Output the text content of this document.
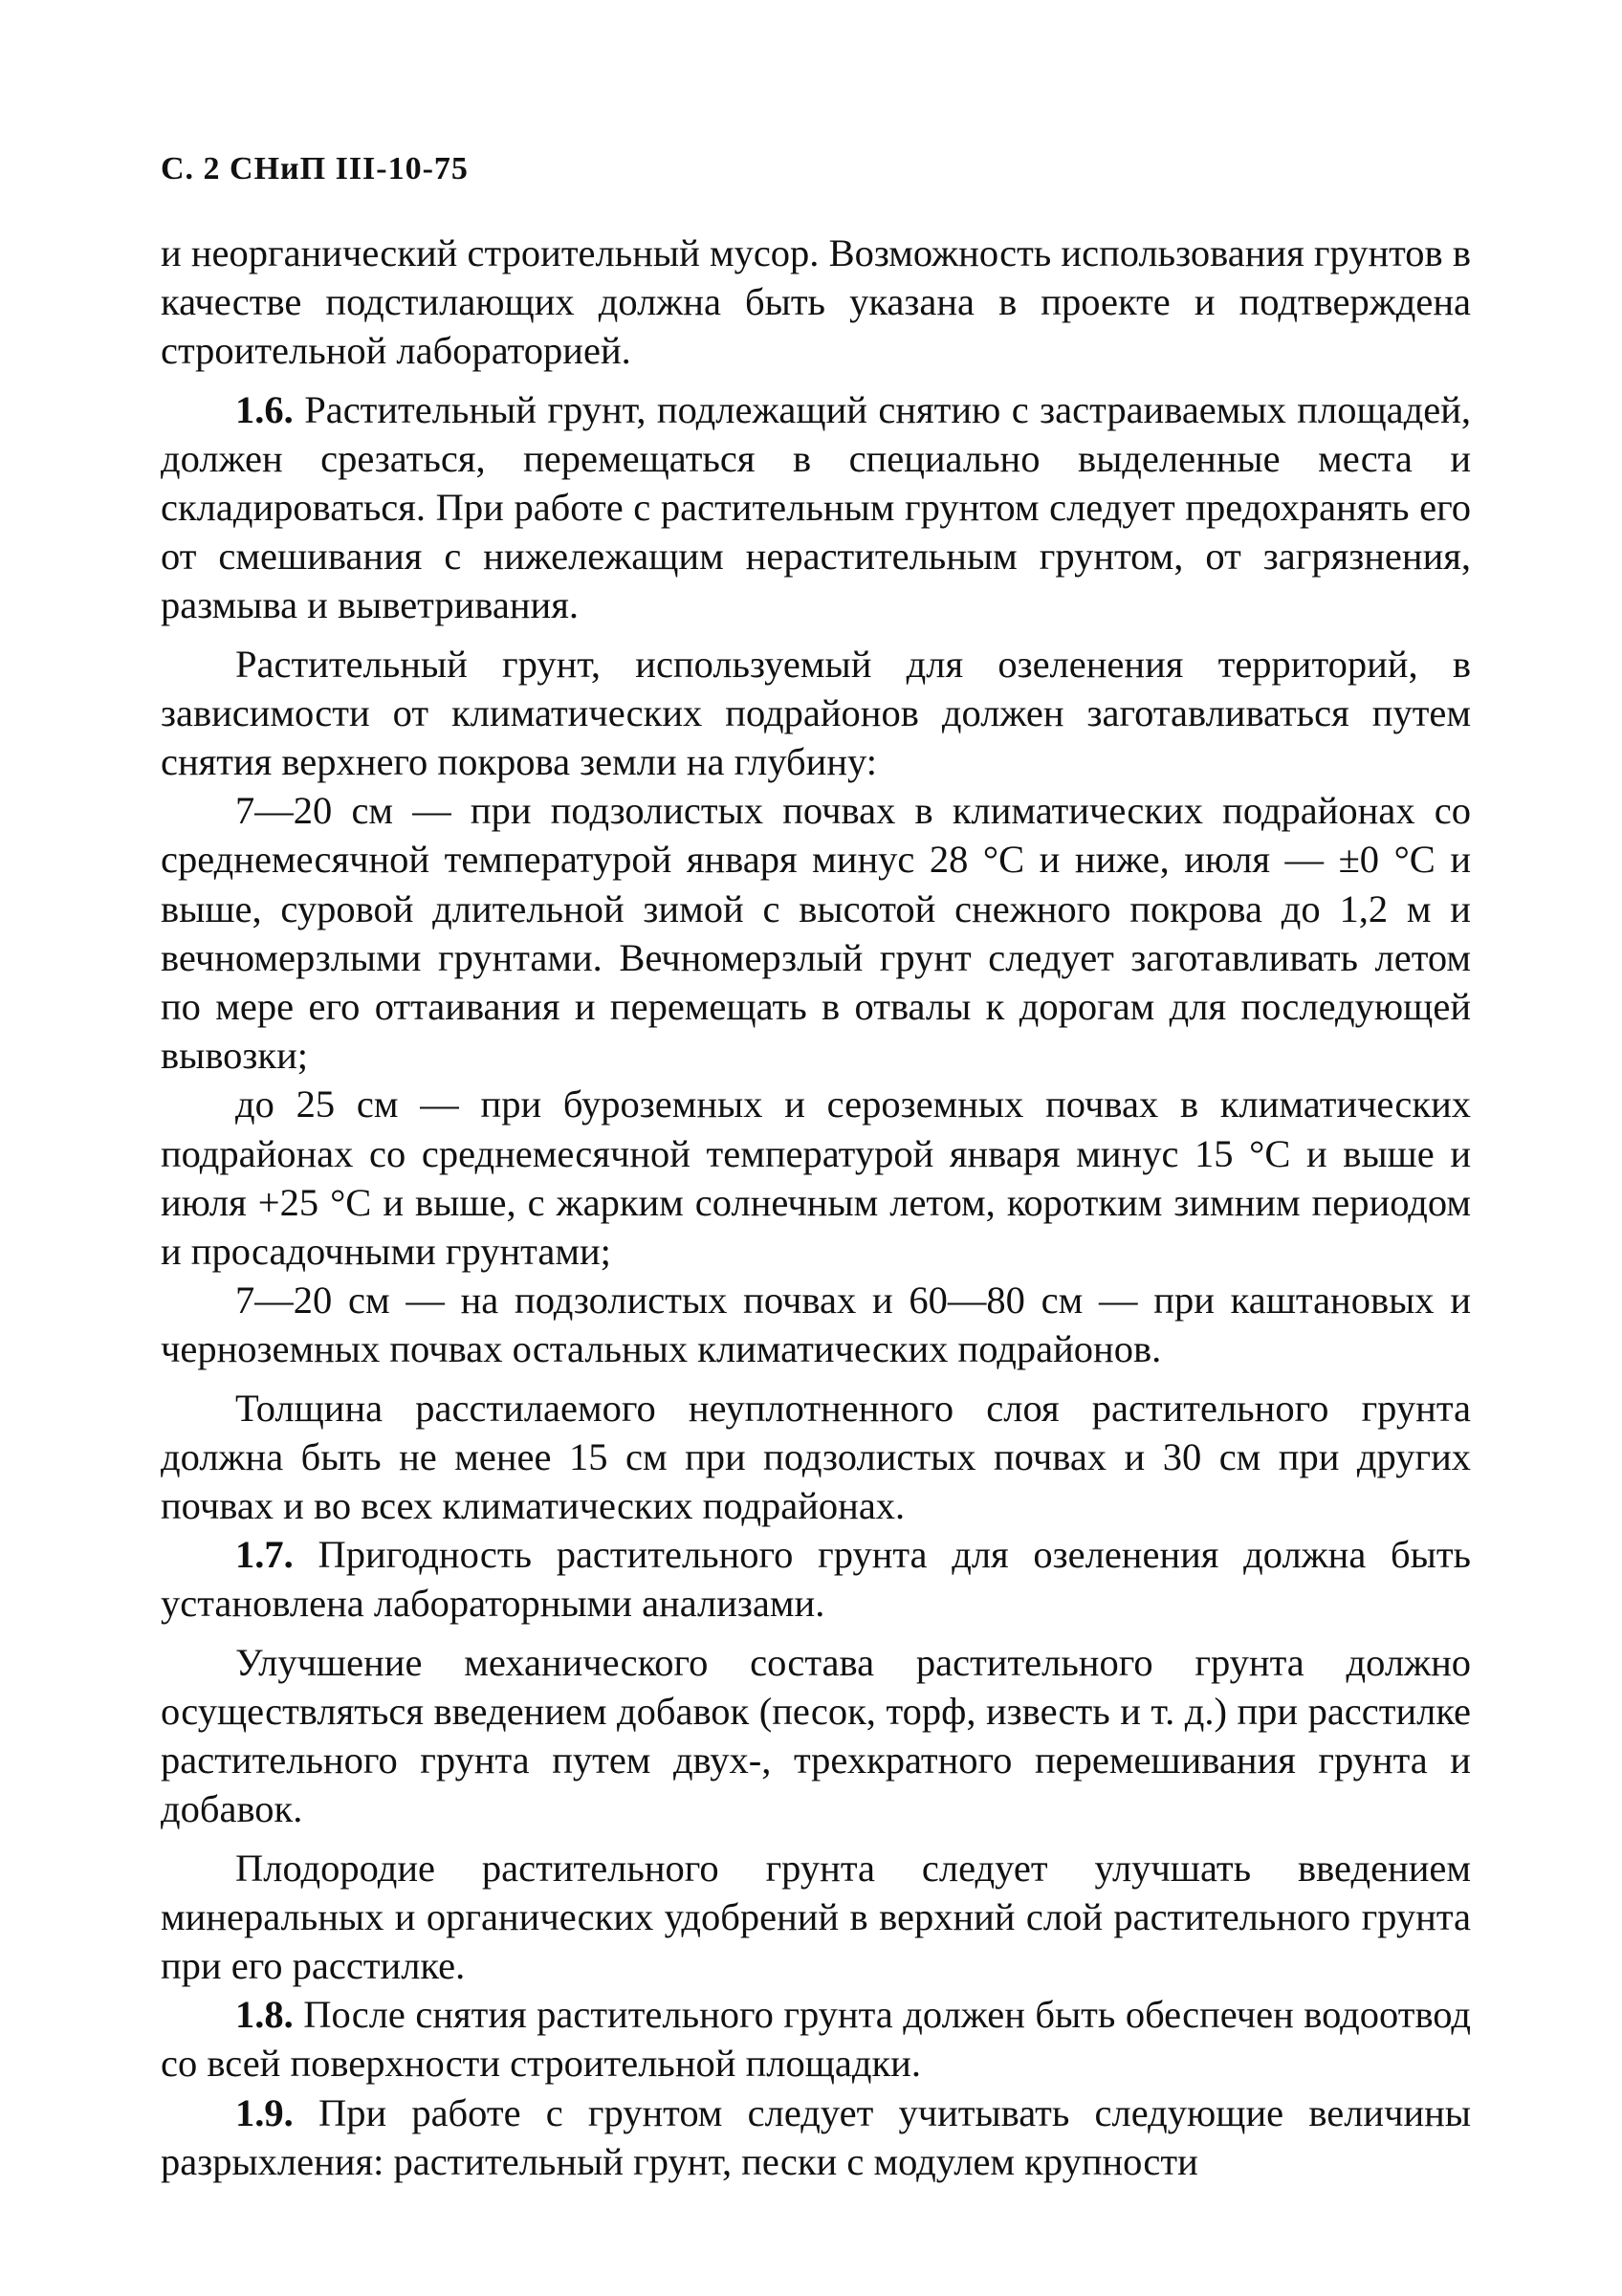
С. 2 СНиП III-10-75

и неорганический строительный мусор. Возможность использования грунтов в качестве подстилающих должна быть указана в проекте и подтверждена строительной лабораторией.

1.6. Растительный грунт, подлежащий снятию с застраиваемых площадей, должен срезаться, перемещаться в специально выделенные места и складироваться. При работе с растительным грунтом следует предохранять его от смешивания с нижележащим нерастительным грунтом, от загрязнения, размыва и выветривания.

Растительный грунт, используемый для озеленения территорий, в зависимости от климатических подрайонов должен заготавливаться путем снятия верхнего покрова земли на глубину:

7—20 см — при подзолистых почвах в климатических подрайонах со среднемесячной температурой января минус 28 °С и ниже, июля — ±0 °С и выше, суровой длительной зимой с высотой снежного покрова до 1,2 м и вечномерзлыми грунтами. Вечномерзлый грунт следует заготавливать летом по мере его оттаивания и перемещать в отвалы к дорогам для последующей вывозки;

до 25 см — при буроземных и сероземных почвах в климатических подрайонах со среднемесячной температурой января минус 15 °С и выше и июля +25 °С и выше, с жарким солнечным летом, коротким зимним периодом и просадочными грунтами;

7—20 см — на подзолистых почвах и 60—80 см — при каштановых и черноземных почвах остальных климатических подрайонов.

Толщина расстилаемого неуплотненного слоя растительного грунта должна быть не менее 15 см при подзолистых почвах и 30 см при других почвах и во всех климатических подрайонах.

1.7. Пригодность растительного грунта для озеленения должна быть установлена лабораторными анализами.

Улучшение механического состава растительного грунта должно осуществляться введением добавок (песок, торф, известь и т. д.) при расстилке растительного грунта путем двух-, трехкратного перемешивания грунта и добавок.

Плодородие растительного грунта следует улучшать введением минеральных и органических удобрений в верхний слой растительного грунта при его расстилке.

1.8. После снятия растительного грунта должен быть обеспечен водоотвод со всей поверхности строительной площадки.

1.9. При работе с грунтом следует учитывать следующие величины разрыхления: растительный грунт, пески с модулем крупности
